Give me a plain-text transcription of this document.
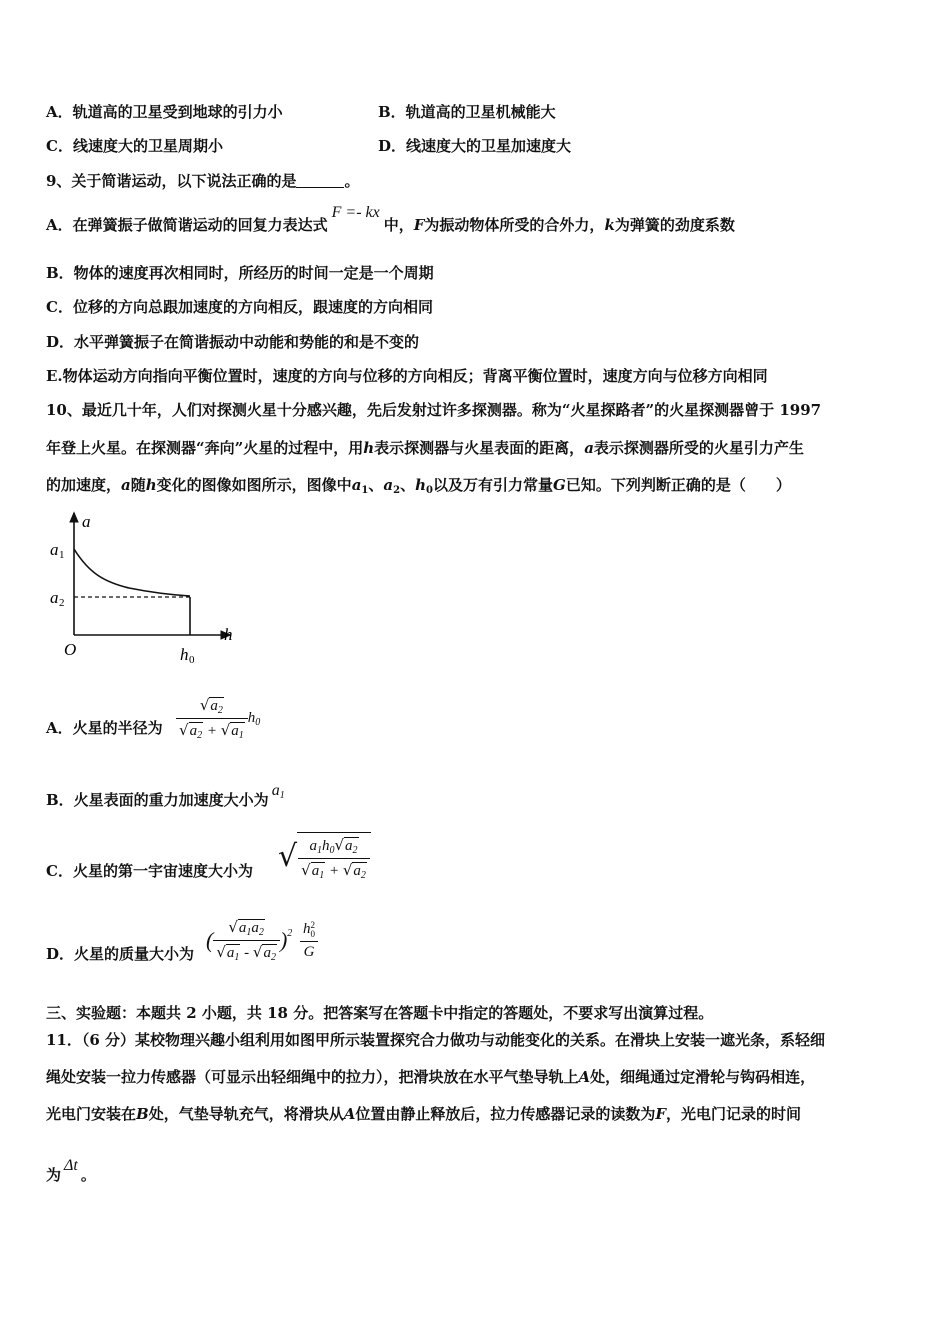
A．轨道高的卫星受到地球的引力小	B．轨道高的卫星机械能大
C．线速度大的卫星周期小	D．线速度大的卫星加速度大
9、关于简谐运动，以下说法正确的是	。
A．在弹簧振子做简谐运动的回复力表达式F =- kx中，F为振动物体所受的合外力，k为弹簧的劲度系数
B．物体的速度再次相同时，所经历的时间一定是一个周期
C．位移的方向总跟加速度的方向相反，跟速度的方向相同
D．水平弹簧振子在简谐振动中动能和势能的和是不变的
E.物体运动方向指向平衡位置时，速度的方向与位移的方向相反；背离平衡位置时，速度方向与位移方向相同
10、最近几十年，人们对探测火星十分感兴趣，先后发射过许多探测器。称为“火星探路者”的火星探测器曾于 1997
年登上火星。在探测器“奔向”火星的过程中，用h表示探测器与火星表面的距离，a表示探测器所受的火星引力产生
的加速度，a随h变化的图像如图所示，图像中$a_1$、$a_2$、$h_0$以及万有引力常量G已知。下列判断正确的是（　　）
a
h
O
a 1
a 2
h 0
A．火星的半径为 $\frac{√a_2}{√a_2 + √a_1} h_0$
B．火星表面的重力加速度大小为$a_1$
C．火星的第一宇宙速度大小为 √ $\frac{a_1h_0√a_2}{√a_1 + √a_2}$
D．火星的质量大小为
( $\frac{√a_1a_2}{√a_1 - √a_2} )^2$ h2
0
G
三、实验题：本题共 2 小题，共 18 分。把答案写在答题卡中指定的答题处，不要求写出演算过程。
11．（6 分）某校物理兴趣小组利用如图甲所示装置探究合力做功与动能变化的关系。在滑块上安装一遮光条，系轻细
绳处安装一拉力传感器（可显示出轻细绳中的拉力），把滑块放在水平气垫导轨上A处，细绳通过定滑轮与钩码相连，
光电门安装在B处，气垫导轨充气，将滑块从A位置由静止释放后，拉力传感器记录的读数为F，光电门记录的时间
为Δt。
